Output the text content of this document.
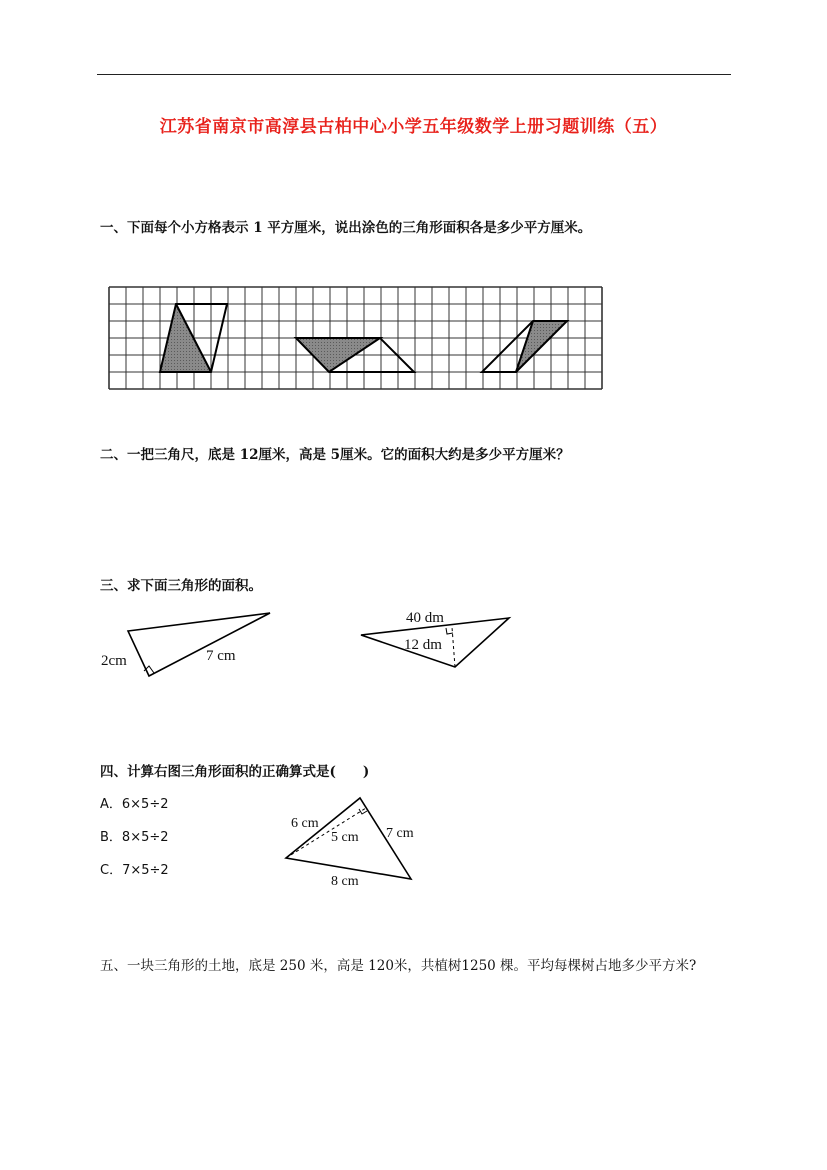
江苏省南京市高淳县古柏中心小学五年级数学上册习题训练（五）
一、下面每个小方格表示 1 平方厘米，说出涂色的三角形面积各是多少平方厘米。
二、一把三角尺，底是 12厘米，高是 5厘米。它的面积大约是多少平方厘米？
三、求下面三角形的面积。
2cm	7 cm
40 dm
12 dm
四、计算右图三角形面积的正确算式是(　　)
A．6×5÷2
B．8×5÷2
C．7×5÷2
6 cm
5 cm 7 cm
8 cm
五、一块三角形的土地，底是 250 米，高是 120米，共植树1250 棵。平均每棵树占地多少平方米?
